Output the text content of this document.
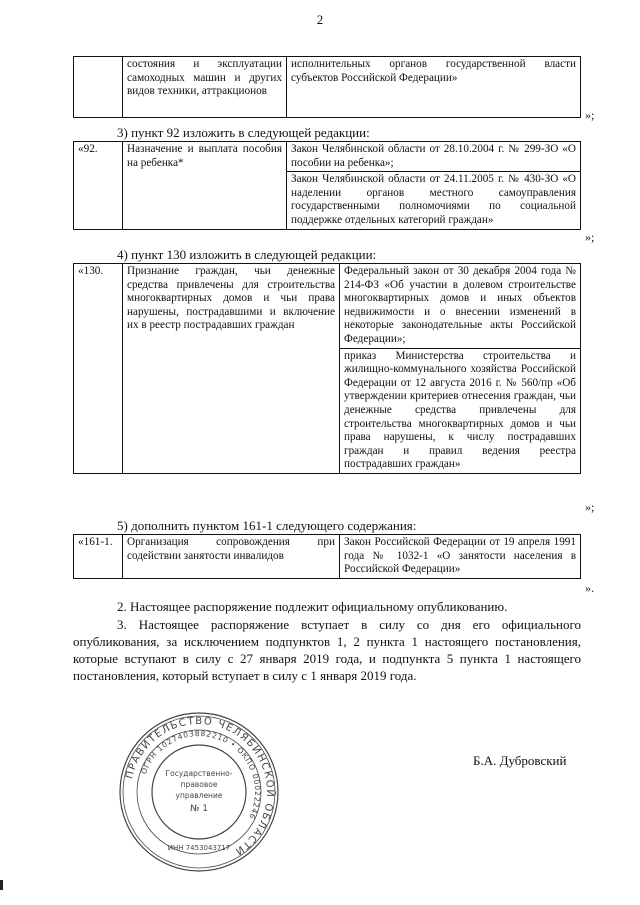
2
	состояния и эксплуатации самоходных машин и других видов техники, аттракционов	исполнительных органов государственной власти субъектов Российской Федерации»
»;
3) пункт 92 изложить в следующей редакции:
«92.	Назначение и выплата пособия на ребенка*	Закон Челябинской области от 28.10.2004 г. № 299-ЗО «О пособии на ребенка»;
Закон Челябинской области от 24.11.2005 г. № 430-ЗО «О наделении органов местного самоуправления государственными полномочиями по социальной поддержке отдельных категорий граждан»
»;
4) пункт 130 изложить в следующей редакции:
«130.	Признание граждан, чьи денежные средства привлечены для строительства многоквартирных домов и чьи права нарушены, пострадавшими и включение их в реестр пострадавших граждан	Федеральный закон от 30 декабря 2004 года № 214-ФЗ «Об участии в долевом строительстве многоквартирных домов и иных объектов недвижимости и о внесении изменений в некоторые законодательные акты Российской Федерации»;
приказ Министерства строительства и жилищно-коммунального хозяйства Российской Федерации от 12 августа 2016 г. № 560/пр «Об утверждении критериев отнесения граждан, чьи денежные средства привлечены для строительства многоквартирных домов и чьи права нарушены, к числу пострадавших граждан и правил ведения реестра пострадавших граждан»
»;
5) дополнить пунктом 161-1 следующего содержания:
«161-1.	Организация сопровождения при содействии занятости инвалидов	Закон Российской Федерации от 19 апреля 1991 года № 1032-1 «О занятости населения в Российской Федерации»
».
2. Настоящее распоряжение подлежит официальному опубликованию.
3. Настоящее распоряжение вступает в силу со дня его официального опубликования, за исключением подпунктов 1, 2 пункта 1 настоящего постановления, которые вступают в силу с 27 января 2019 года, и подпункта 5 пункта 1 настоящего постановления, который вступает в силу с 1 января 2019 года.
ПРАВИТЕЛЬСТВО ЧЕЛЯБИНСКОЙ ОБЛАСТИ
ОГРН 1027403882210 • ОКПО 00022246
ИНН 7453043717
Государственно-
правовое
управление
№ 1
Б.А. Дубровский
